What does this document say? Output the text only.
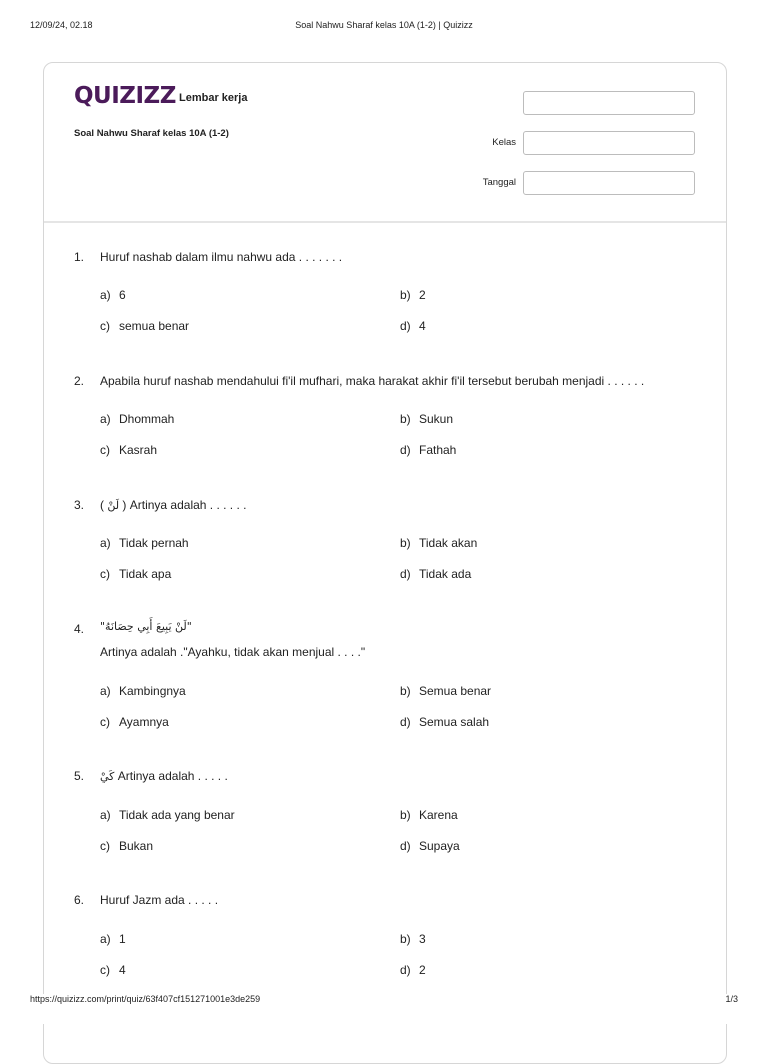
12/09/24, 02.18	Soal Nahwu Sharaf kelas 10A (1-2) | Quizizz
QUIZIZZ Lembar kerja
Soal Nahwu Sharaf kelas 10A (1-2)
Kelas
Tanggal
1. Huruf nashab dalam ilmu nahwu ada . . . . . . .
a) 6	b) 2
c) semua benar	d) 4
2. Apabila huruf nashab mendahului fi'il mufhari, maka harakat akhir fi'il tersebut berubah menjadi . . . . . .
a) Dhommah	b) Sukun
c) Kasrah	d) Fathah
3. ( لَنْ ) Artinya adalah . . . . . .
a) Tidak pernah	b) Tidak akan
c) Tidak apa	d) Tidak ada
4. "لَنْ يَبِيعَ أَبِي حِصَانَهُ"
Artinya adalah ."Ayahku, tidak akan menjual . . . ."
a) Kambingnya	b) Semua benar
c) Ayamnya	d) Semua salah
5. كَيْ Artinya adalah . . . . .
a) Tidak ada yang benar	b) Karena
c) Bukan	d) Supaya
6. Huruf Jazm ada . . . . .
a) 1	b) 3
c) 4	d) 2
https://quizizz.com/print/quiz/63f407cf151271001e3de259	1/3
